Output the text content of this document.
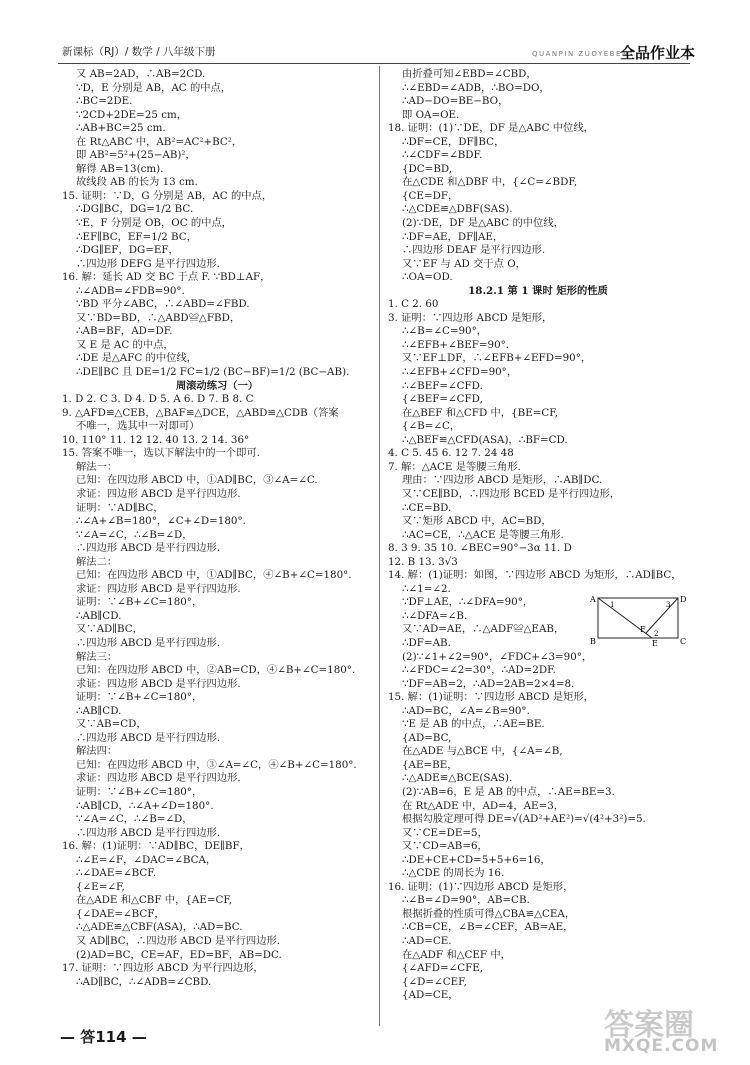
新课标（RJ）/ 数学 / 八年级下册	QUANPIN ZUOYEBEN
全品作业本
又 AB=2AD，∴AB=2CD.
∵D，E 分别是 AB，AC 的中点，
∴BC=2DE.
∵2CD+2DE=25 cm，
∴AB+BC=25 cm.
在 Rt△ABC 中，AB²=AC²+BC²，
即 AB²=5²+(25−AB)²，
解得 AB=13(cm).
故线段 AB 的长为 13 cm.
15. 证明：∵D，G 分别是 AB，AC 的中点，
∴DG∥BC，DG=1/2 BC.
∵E，F 分别是 OB，OC 的中点，
∴EF∥BC，EF=1/2 BC，
∴DG∥EF，DG=EF，
∴四边形 DEFG 是平行四边形.
16. 解：延长 AD 交 BC 于点 F. ∵BD⊥AF，
∴∠ADB=∠FDB=90°.
∵BD 平分∠ABC，∴∠ABD=∠FBD.
又∵BD=BD，∴△ABD≌△FBD，
∴AB=BF，AD=DF.
又 E 是 AC 的中点，
∴DE 是△AFC 的中位线，
∴DE∥BC 且 DE=1/2 FC=1/2 (BC−BF)=1/2 (BC−AB).
周滚动练习（一）
1. D 2. C 3. D 4. D 5. A 6. D 7. B 8. C
9. △AFD≌△CEB，△BAF≌△DCE，△ABD≌△CDB（答案
不唯一，选其中一对即可）
10. 110° 11. 12 12. 40 13. 2 14. 36°
15. 答案不唯一，选以下解法中的一个即可.
解法一：
已知：在四边形 ABCD 中，①AD∥BC，③∠A=∠C.
求证：四边形 ABCD 是平行四边形.
证明：∵AD∥BC，
∴∠A+∠B=180°，∠C+∠D=180°.
∵∠A=∠C，∴∠B=∠D，
∴四边形 ABCD 是平行四边形.
解法二：
已知：在四边形 ABCD 中，①AD∥BC，④∠B+∠C=180°.
求证：四边形 ABCD 是平行四边形.
证明：∵∠B+∠C=180°，
∴AB∥CD.
又∵AD∥BC，
∴四边形 ABCD 是平行四边形.
解法三：
已知：在四边形 ABCD 中，②AB=CD，④∠B+∠C=180°.
求证：四边形 ABCD 是平行四边形.
证明：∵∠B+∠C=180°，
∴AB∥CD.
又∵AB=CD，
∴四边形 ABCD 是平行四边形.
解法四：
已知：在四边形 ABCD 中，③∠A=∠C，④∠B+∠C=180°.
求证：四边形 ABCD 是平行四边形.
证明：∵∠B+∠C=180°，
∴AB∥CD，∴∠A+∠D=180°.
∵∠A=∠C，∴∠B=∠D，
∴四边形 ABCD 是平行四边形.
16. 解：(1)证明：∵AD∥BC，DE∥BF，
∴∠E=∠F，∠DAC=∠BCA，
∴∠DAE=∠BCF.
{∠E=∠F,
在△ADE 和△CBF 中，{AE=CF,
{∠DAE=∠BCF，
∴△ADE≌△CBF(ASA)，∴AD=BC.
又 AD∥BC，∴四边形 ABCD 是平行四边形.
(2)AD=BC，CE=AF，ED=BF，AB=DC.
17. 证明：∵四边形 ABCD 为平行四边形，
∴AD∥BC，∴∠ADB=∠CBD.
由折叠可知∠EBD=∠CBD，
∴∠EBD=∠ADB，∴BO=DO，
∴AD−DO=BE−BO，
即 OA=OE.
18. 证明：(1)∵DE，DF 是△ABC 中位线，
∴DF=CE，DF∥BC，
∴∠CDF=∠BDF.
{DC=BD,
在△CDE 和△DBF 中，{∠C=∠BDF,
{CE=DF，
∴△CDE≌△DBF(SAS).
(2)∵DE，DF 是△ABC 的中位线，
∴DF=AE，DF∥AE，
∴四边形 DEAF 是平行四边形.
又∵EF 与 AD 交于点 O，
∴OA=OD.
18.2.1 第 1 课时 矩形的性质
1. C 2. 60
3. 证明：∵四边形 ABCD 是矩形，
∴∠B=∠C=90°，
∴∠EFB+∠BEF=90°.
又∵EF⊥DF，∴∠EFB+∠EFD=90°，
∴∠EFB+∠CFD=90°，
∴∠BEF=∠CFD.
{∠BEF=∠CFD,
在△BEF 和△CFD 中，{BE=CF,
{∠B=∠C，
∴△BEF≌△CFD(ASA)，∴BF=CD.
4. C 5. 45 6. 12 7. 24 48
7. 解：△ACE 是等腰三角形.
理由：∵四边形 ABCD 是矩形，∴AB∥DC.
又∵CE∥BD，∴四边形 BCED 是平行四边形，
∴CE=BD.
又∵矩形 ABCD 中，AC=BD，
∴AC=CE，∴△ACE 是等腰三角形.
8. 3 9. 35 10. ∠BEC=90°−3α 11. D
12. B 13. 3√3
14. 解：(1)证明：如图，∵四边形 ABCD 为矩形，∴AD∥BC，
∴∠1=∠2.
∵DF⊥AE，∴∠DFA=90°，
∴∠DFA=∠B.
又∵AD=AE，∴△ADF≌△EAB，
∴DF=AB.
(2)∵∠1+∠2=90°，∠FDC+∠3=90°，
∴∠FDC=∠2=30°，∴AD=2DF.
∵DF=AB=2，∴AD=2AB=2×4=8.
15. 解：(1)证明：∵四边形 ABCD 是矩形，
∴AD=BC，∠A=∠B=90°.
∵E 是 AB 的中点，∴AE=BE.
{AD=BC,
在△ADE 与△BCE 中，{∠A=∠B,
{AE=BE，
∴△ADE≌△BCE(SAS).
(2)∵AB=6，E 是 AB 的中点，∴AE=BE=3.
在 Rt△ADE 中，AD=4，AE=3，
根据勾股定理可得 DE=√(AD²+AE²)=√(4²+3²)=5.
又∵CE=DE=5，
又∵CD=AB=6，
∴DE+CE+CD=5+5+6=16，
∴△CDE 的周长为 16.
16. 证明：(1)∵四边形 ABCD 是矩形，
∴∠B=∠D=90°，AB=CB.
根据折叠的性质可得△CBA≌△CEA，
∴CB=CE，∠B=∠CEF，AB=AE，
∴AD=CE.
在△ADF 和△CEF 中，
{∠AFD=∠CFE,
{∠D=∠CEF,
{AD=CE，
A	D
1	3
F
B	E	C
2
— 答114 —	答案圈
MXQE.COM
